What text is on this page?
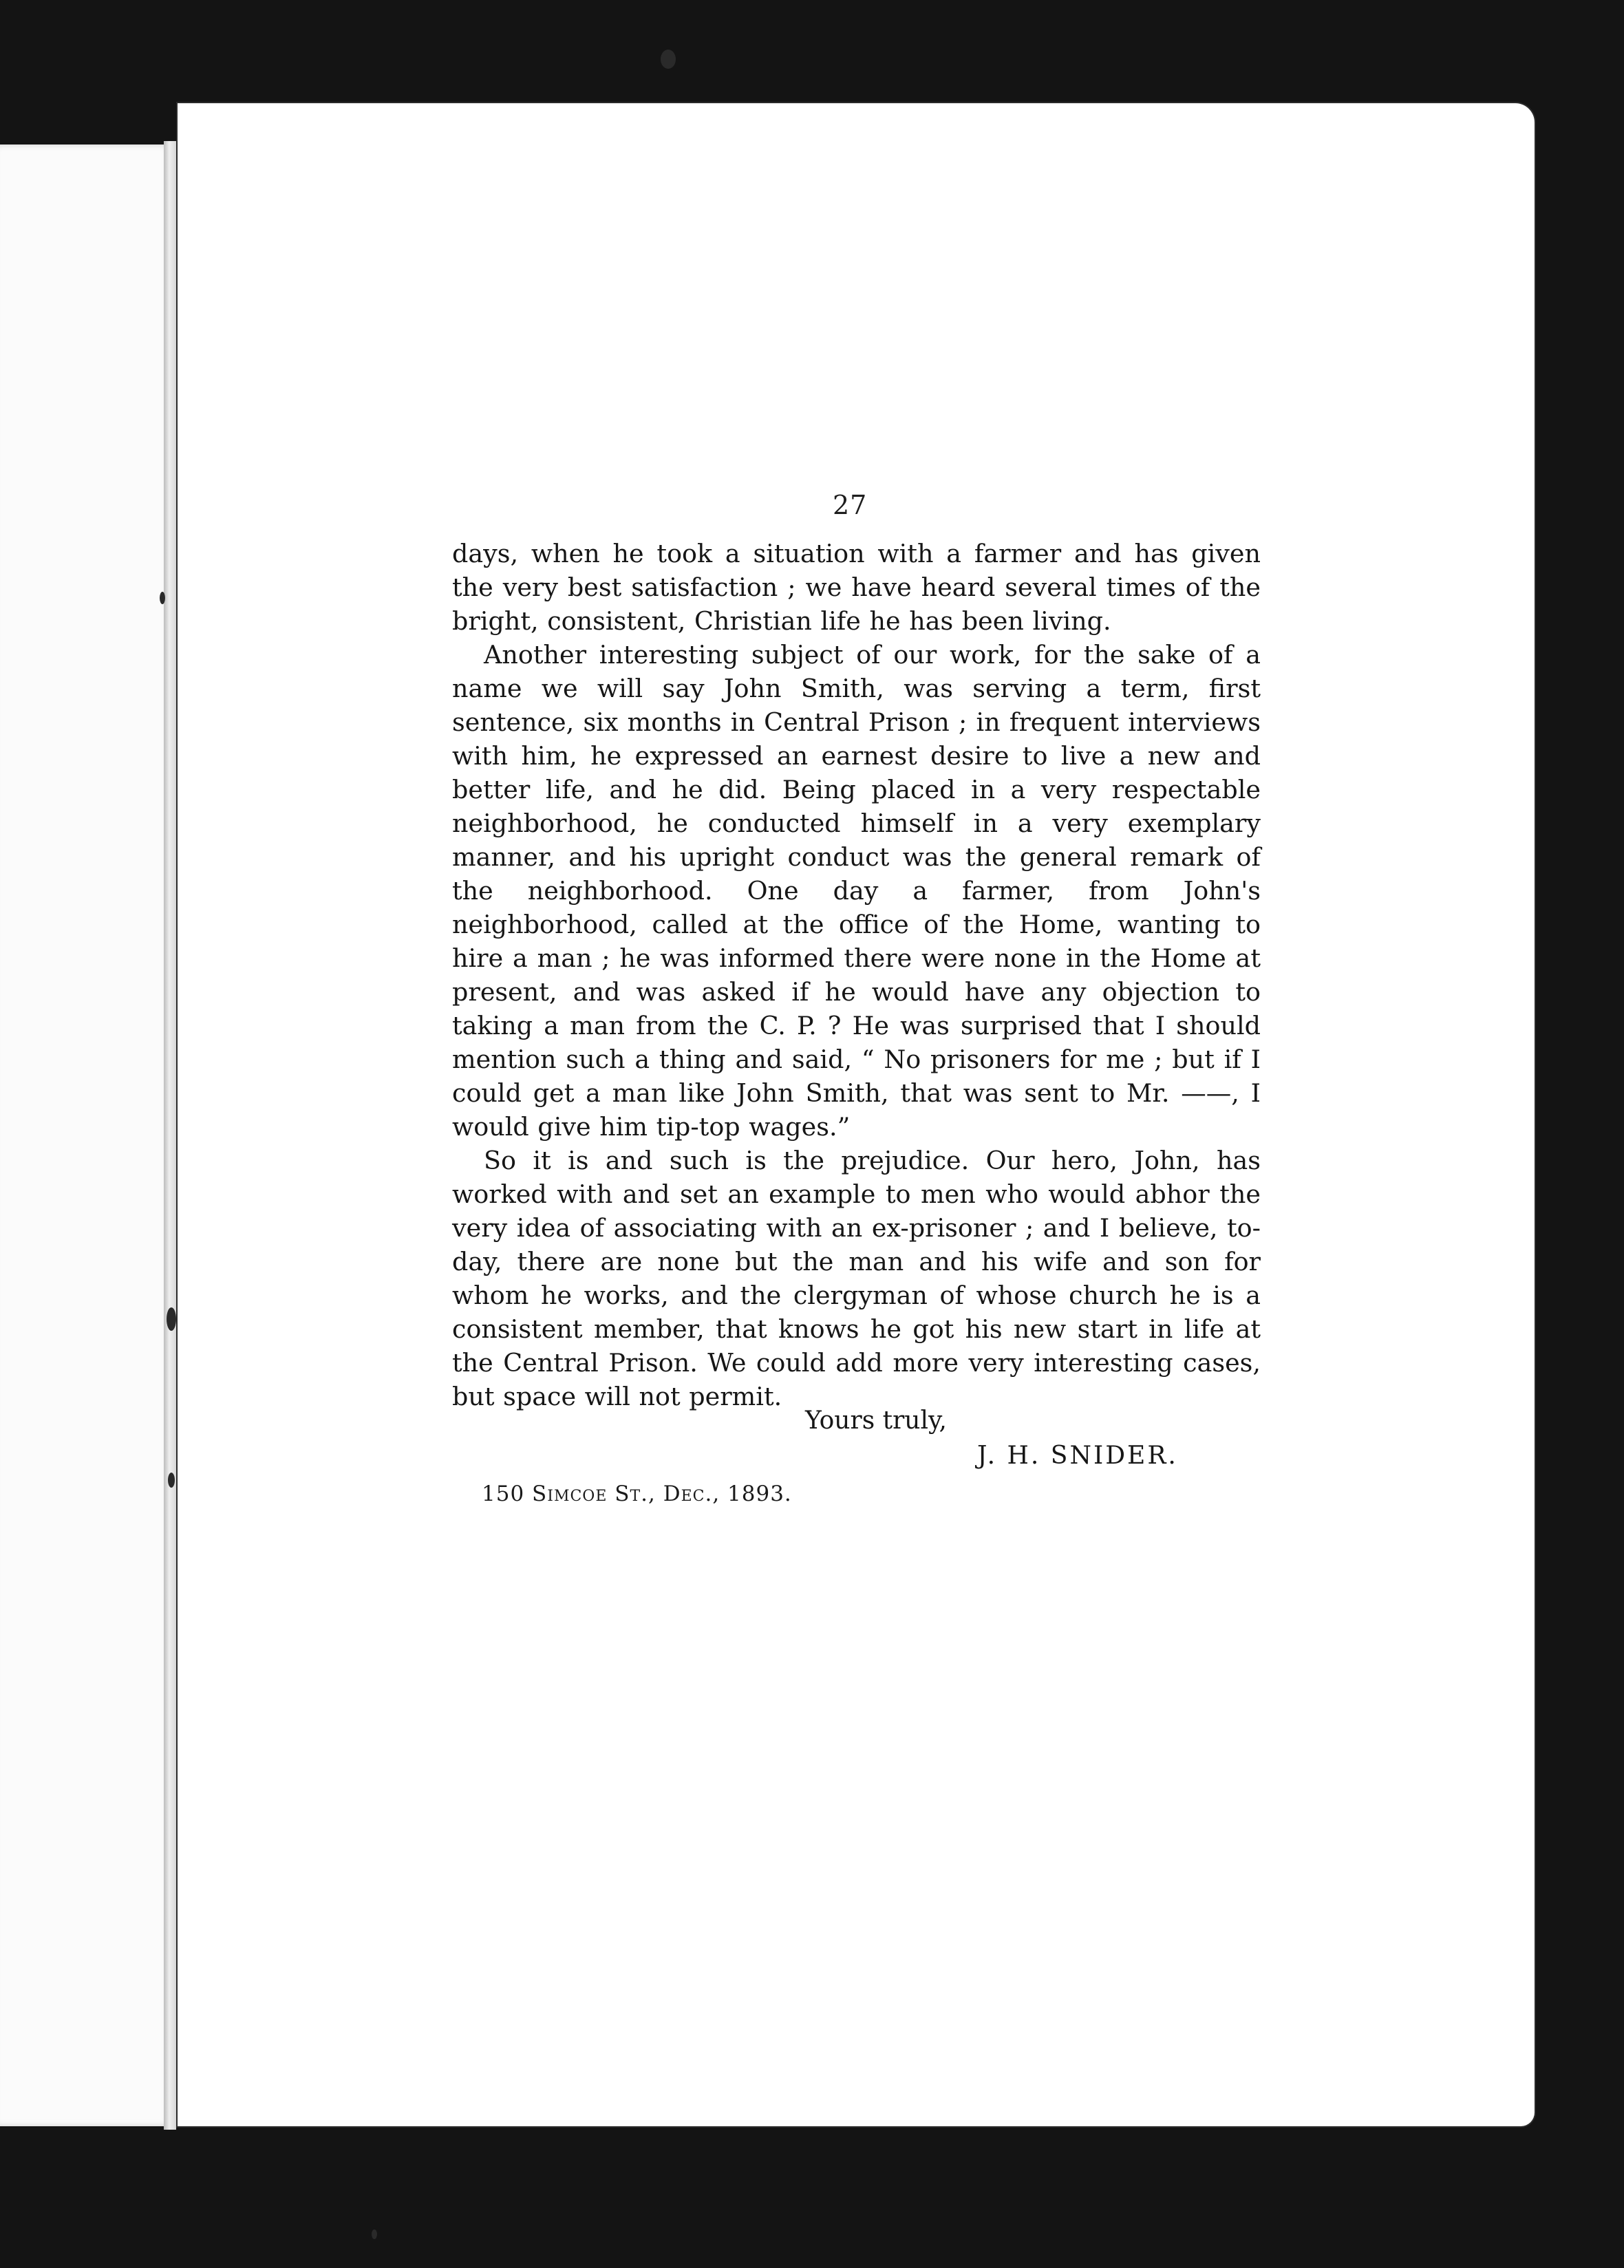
27

days, when he took a situation with a farmer and has given the very best satisfaction ; we have heard several times of the bright, consistent, Christian life he has been living.

Another interesting subject of our work, for the sake of a name we will say John Smith, was serving a term, first sentence, six months in Central Prison ; in frequent interviews with him, he expressed an earnest desire to live a new and better life, and he did. Being placed in a very respectable neighborhood, he conducted himself in a very exemplary manner, and his upright conduct was the general remark of the neighborhood. One day a farmer, from John's neighborhood, called at the office of the Home, wanting to hire a man ; he was informed there were none in the Home at present, and was asked if he would have any objection to taking a man from the C. P. ? He was surprised that I should mention such a thing and said, “ No prisoners for me ; but if I could get a man like John Smith, that was sent to Mr. ——, I would give him tip-top wages.”

So it is and such is the prejudice. Our hero, John, has worked with and set an example to men who would abhor the very idea of associating with an ex-prisoner ; and I believe, to-day, there are none but the man and his wife and son for whom he works, and the clergyman of whose church he is a consistent member, that knows he got his new start in life at the Central Prison. We could add more very interesting cases, but space will not permit.

Yours truly,
J. H. SNIDER.
150 Simcoe St., Dec., 1893.
